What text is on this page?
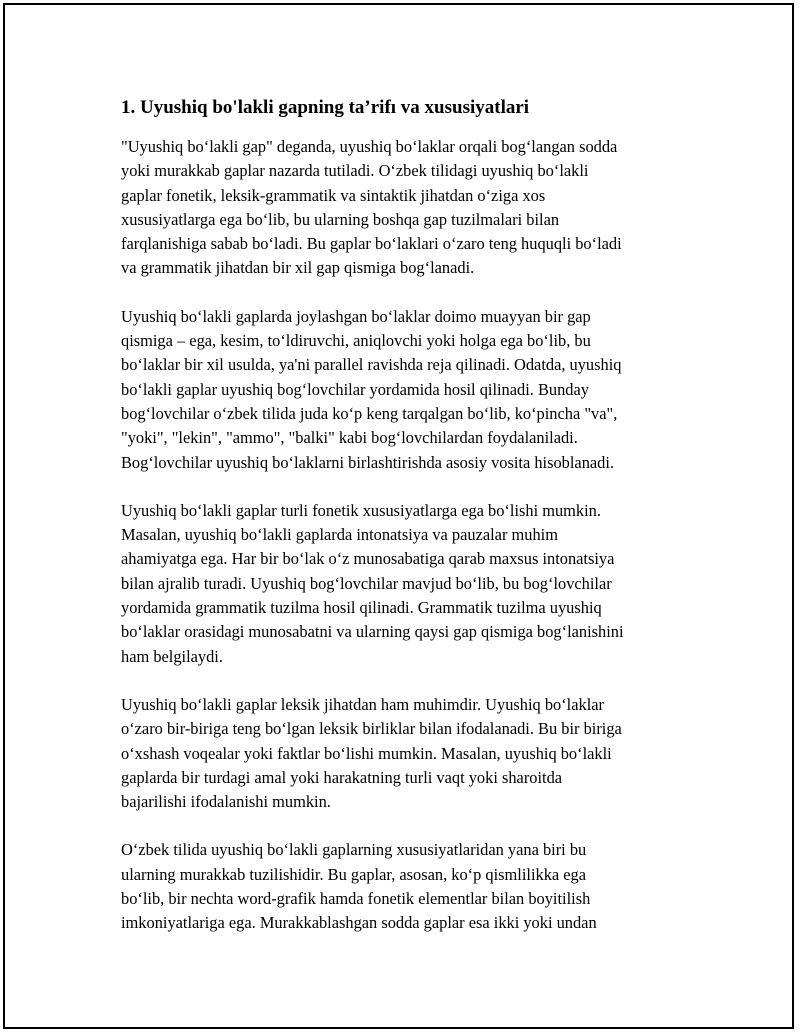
1. Uyushiq bo'lakli gapning ta’rifı va xususiyatlari

"Uyushiq bo‘lakli gap" deganda, uyushiq bo‘laklar orqali bog‘langan sodda
yoki murakkab gaplar nazarda tutiladi. O‘zbek tilidagi uyushiq bo‘lakli
gaplar fonetik, leksik-grammatik va sintaktik jihatdan o‘ziga xos
xususiyatlarga ega bo‘lib, bu ularning boshqa gap tuzilmalari bilan
farqlanishiga sabab bo‘ladi. Bu gaplar bo‘laklari o‘zaro teng huquqli bo‘ladi
va grammatik jihatdan bir xil gap qismiga bog‘lanadi.

Uyushiq bo‘lakli gaplarda joylashgan bo‘laklar doimo muayyan bir gap
qismiga – ega, kesim, to‘ldiruvchi, aniqlovchi yoki holga ega bo‘lib, bu
bo‘laklar bir xil usulda, ya'ni parallel ravishda reja qilinadi. Odatda, uyushiq
bo‘lakli gaplar uyushiq bog‘lovchilar yordamida hosil qilinadi. Bunday
bog‘lovchilar o‘zbek tilida juda ko‘p keng tarqalgan bo‘lib, ko‘pincha "va",
"yoki", "lekin", "ammo", "balki" kabi bog‘lovchilardan foydalaniladi.
Bog‘lovchilar uyushiq bo‘laklarni birlashtirishda asosiy vosita hisoblanadi.

Uyushiq bo‘lakli gaplar turli fonetik xususiyatlarga ega bo‘lishi mumkin.
Masalan, uyushiq bo‘lakli gaplarda intonatsiya va pauzalar muhim
ahamiyatga ega. Har bir bo‘lak o‘z munosabatiga qarab maxsus intonatsiya
bilan ajralib turadi. Uyushiq bog‘lovchilar mavjud bo‘lib, bu bog‘lovchilar
yordamida grammatik tuzilma hosil qilinadi. Grammatik tuzilma uyushiq
bo‘laklar orasidagi munosabatni va ularning qaysi gap qismiga bog‘lanishini
ham belgilaydi.

Uyushiq bo‘lakli gaplar leksik jihatdan ham muhimdir. Uyushiq bo‘laklar
o‘zaro bir-biriga teng bo‘lgan leksik birliklar bilan ifodalanadi. Bu bir biriga
o‘xshash voqealar yoki faktlar bo‘lishi mumkin. Masalan, uyushiq bo‘lakli
gaplarda bir turdagi amal yoki harakatning turli vaqt yoki sharoitda
bajarilishi ifodalanishi mumkin.

O‘zbek tilida uyushiq bo‘lakli gaplarning xususiyatlaridan yana biri bu
ularning murakkab tuzilishidir. Bu gaplar, asosan, ko‘p qismlilikka ega
bo‘lib, bir nechta word-grafik hamda fonetik elementlar bilan boyitilish
imkoniyatlariga ega. Murakkablashgan sodda gaplar esa ikki yoki undan
